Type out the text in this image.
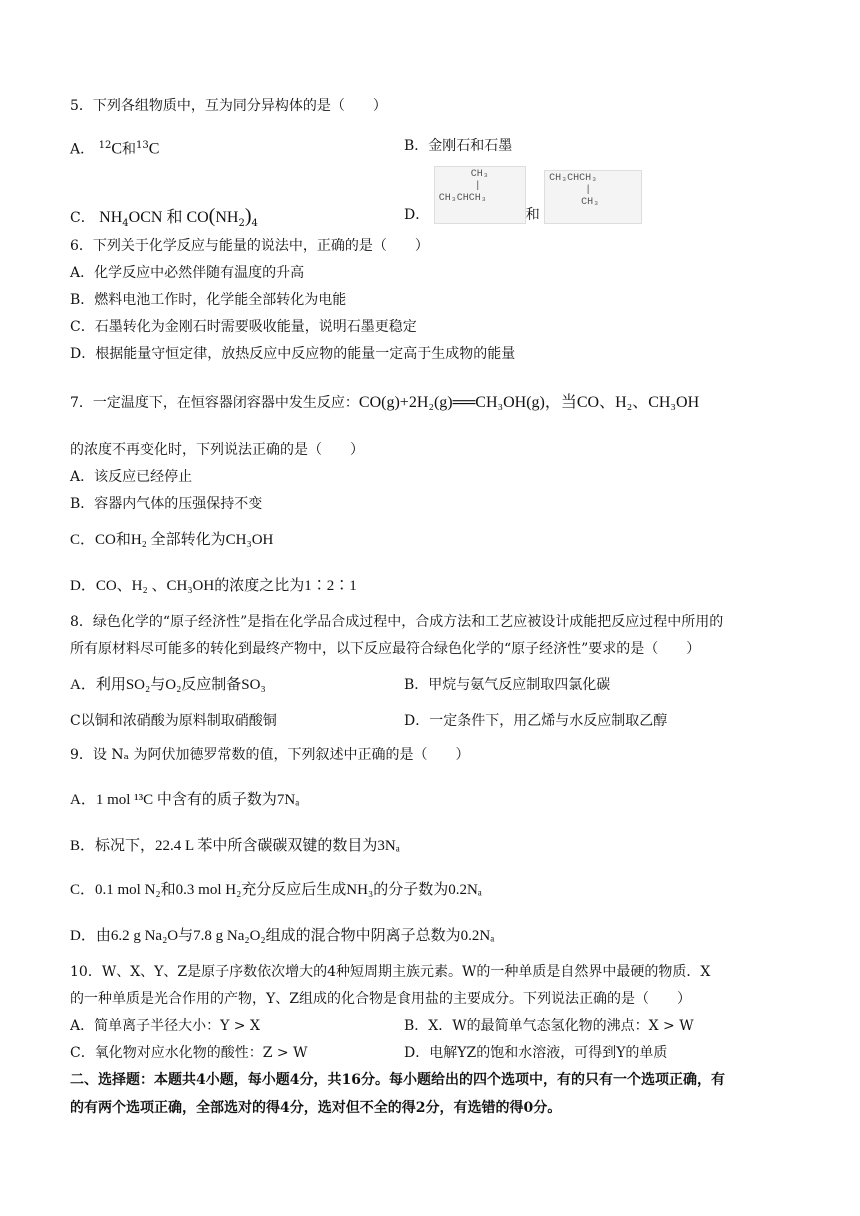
5．下列各组物质中，互为同分异构体的是（　　）
A． $^{12}$C和$^{13}$C	B．金刚石和石墨
C． $NH_4OCN$ 和 $CO(NH_2)_4$
D．
CH₃
|
CH₃CHCH₃
和
CH₃CHCH₃
|
CH₃
6．下列关于化学反应与能量的说法中，正确的是（　　）
A．化学反应中必然伴随有温度的升高
B．燃料电池工作时，化学能全部转化为电能
C．石墨转化为金刚石时需要吸收能量，说明石墨更稳定
D．根据能量守恒定律，放热反应中反应物的能量一定高于生成物的能量
7．一定温度下，在恒容器闭容器中发生反应：CO(g)+2H₂(g)══CH₃OH(g)，当CO、H₂、CH₃OH
的浓度不再变化时，下列说法正确的是（　　）
A．该反应已经停止
B．容器内气体的压强保持不变
C．CO和H₂ 全部转化为CH₃OH
D．CO、H₂ 、CH₃OH的浓度之比为1∶2∶1
8．绿色化学的“原子经济性”是指在化学品合成过程中，合成方法和工艺应被设计成能把反应过程中所用的
所有原材料尽可能多的转化到最终产物中，以下反应最符合绿色化学的“原子经济性”要求的是（　　）
A．利用SO₂与O₂反应制备SO₃	B．甲烷与氨气反应制取四氯化碳
C以铜和浓硝酸为原料制取硝酸铜	D．一定条件下，用乙烯与水反应制取乙醇
9．设 Nₐ 为阿伏加德罗常数的值，下列叙述中正确的是（　　）
A．1 mol ¹³C 中含有的质子数为7Nₐ
B．标况下，22.4 L 苯中所含碳碳双键的数目为3Nₐ
C．0.1 mol N₂和0.3 mol H₂充分反应后生成NH₃的分子数为0.2Nₐ
D．由6.2 g Na₂O与7.8 g Na₂O₂组成的混合物中阴离子总数为0.2Nₐ
10．W、X、Y、Z是原子序数依次增大的4种短周期主族元素。W的一种单质是自然界中最硬的物质．X
的一种单质是光合作用的产物，Y、Z组成的化合物是食用盐的主要成分。下列说法正确的是（　　）
A．简单离子半径大小：Y > X	B．X．W的最简单气态氢化物的沸点：X > W
C．氧化物对应水化物的酸性：Z > W	D．电解YZ的饱和水溶液，可得到Y的单质
二、选择题：本题共4小题，每小题4分，共16分。每小题给出的四个选项中，有的只有一个选项正确，有
的有两个选项正确，全部选对的得4分，选对但不全的得2分，有选错的得0分。
